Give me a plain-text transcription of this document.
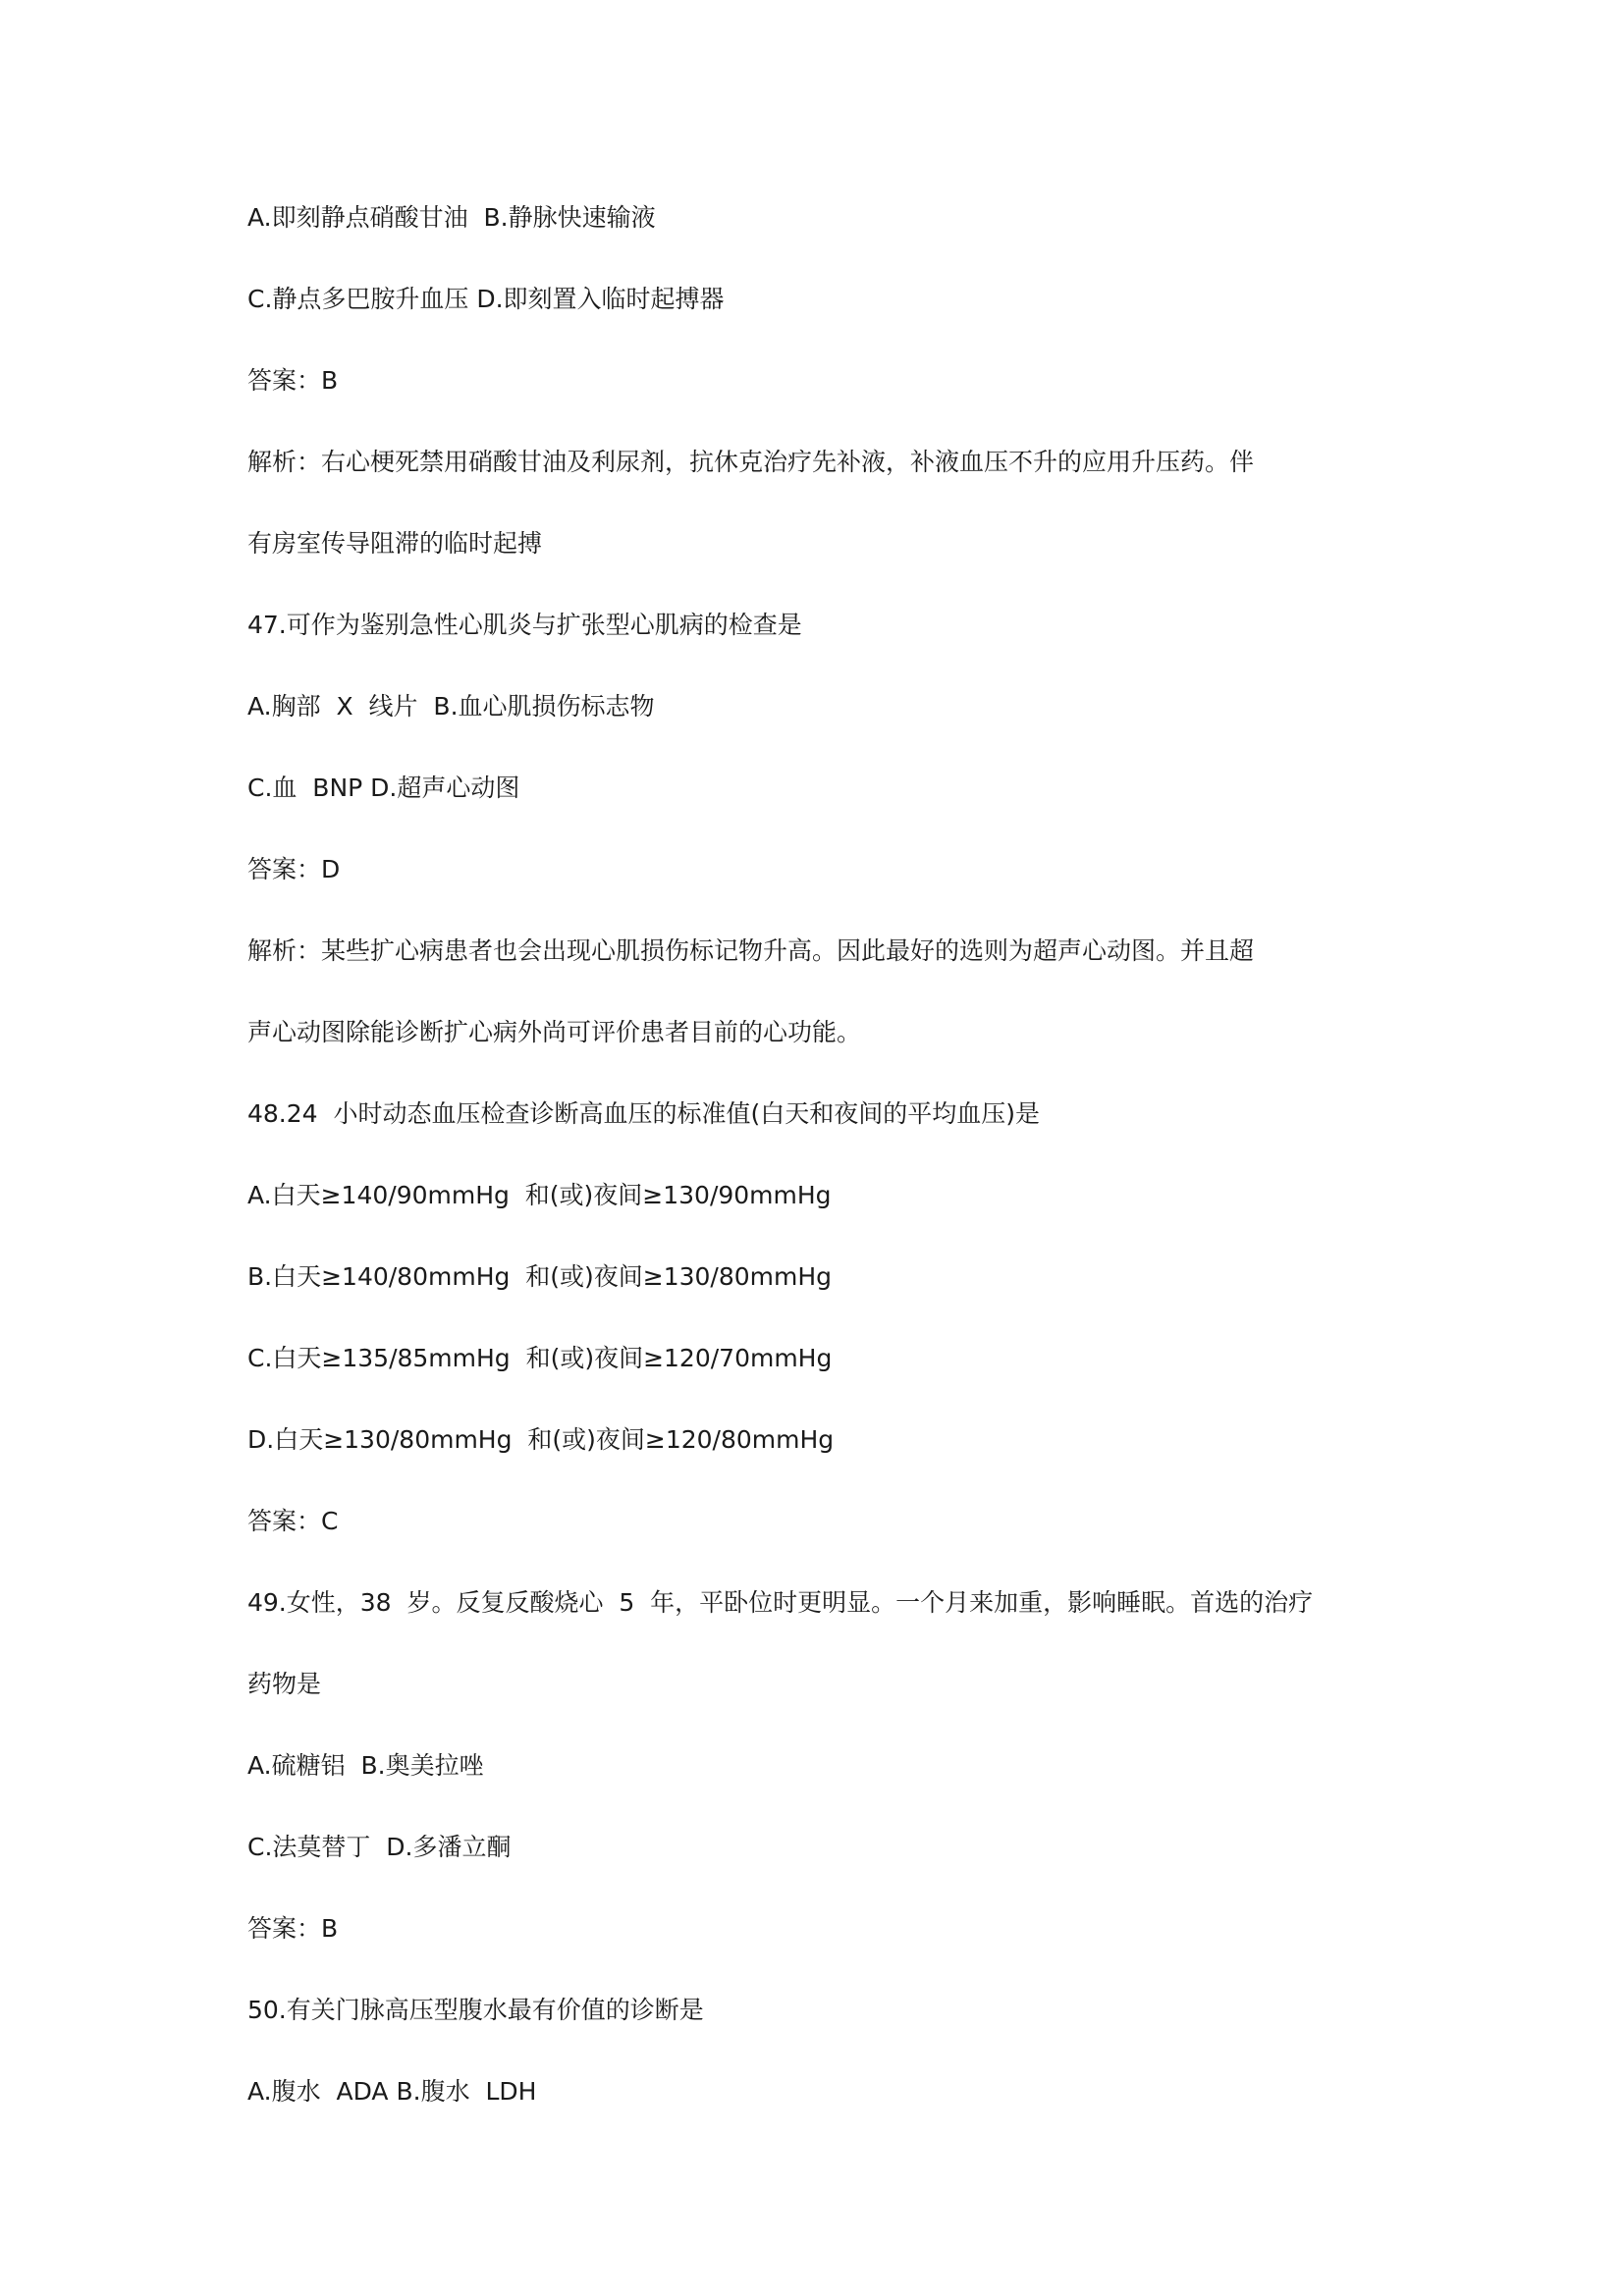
A.即刻静点硝酸甘油  B.静脉快速输液

C.静点多巴胺升血压 D.即刻置入临时起搏器

答案：B

解析：右心梗死禁用硝酸甘油及利尿剂，抗休克治疗先补液，补液血压不升的应用升压药。伴

有房室传导阻滞的临时起搏

47.可作为鉴别急性心肌炎与扩张型心肌病的检查是

A.胸部  X  线片  B.血心肌损伤标志物

C.血  BNP D.超声心动图

答案：D

解析：某些扩心病患者也会出现心肌损伤标记物升高。因此最好的选则为超声心动图。并且超

声心动图除能诊断扩心病外尚可评价患者目前的心功能。

48.24  小时动态血压检查诊断高血压的标准值(白天和夜间的平均血压)是

A.白天≥140/90mmHg  和(或)夜间≥130/90mmHg

B.白天≥140/80mmHg  和(或)夜间≥130/80mmHg

C.白天≥135/85mmHg  和(或)夜间≥120/70mmHg

D.白天≥130/80mmHg  和(或)夜间≥120/80mmHg

答案：C

49.女性，38  岁。反复反酸烧心  5  年，平卧位时更明显。一个月来加重，影响睡眠。首选的治疗

药物是

A.硫糖铝  B.奥美拉唑

C.法莫替丁  D.多潘立酮

答案：B

50.有关门脉高压型腹水最有价值的诊断是

A.腹水  ADA B.腹水  LDH
